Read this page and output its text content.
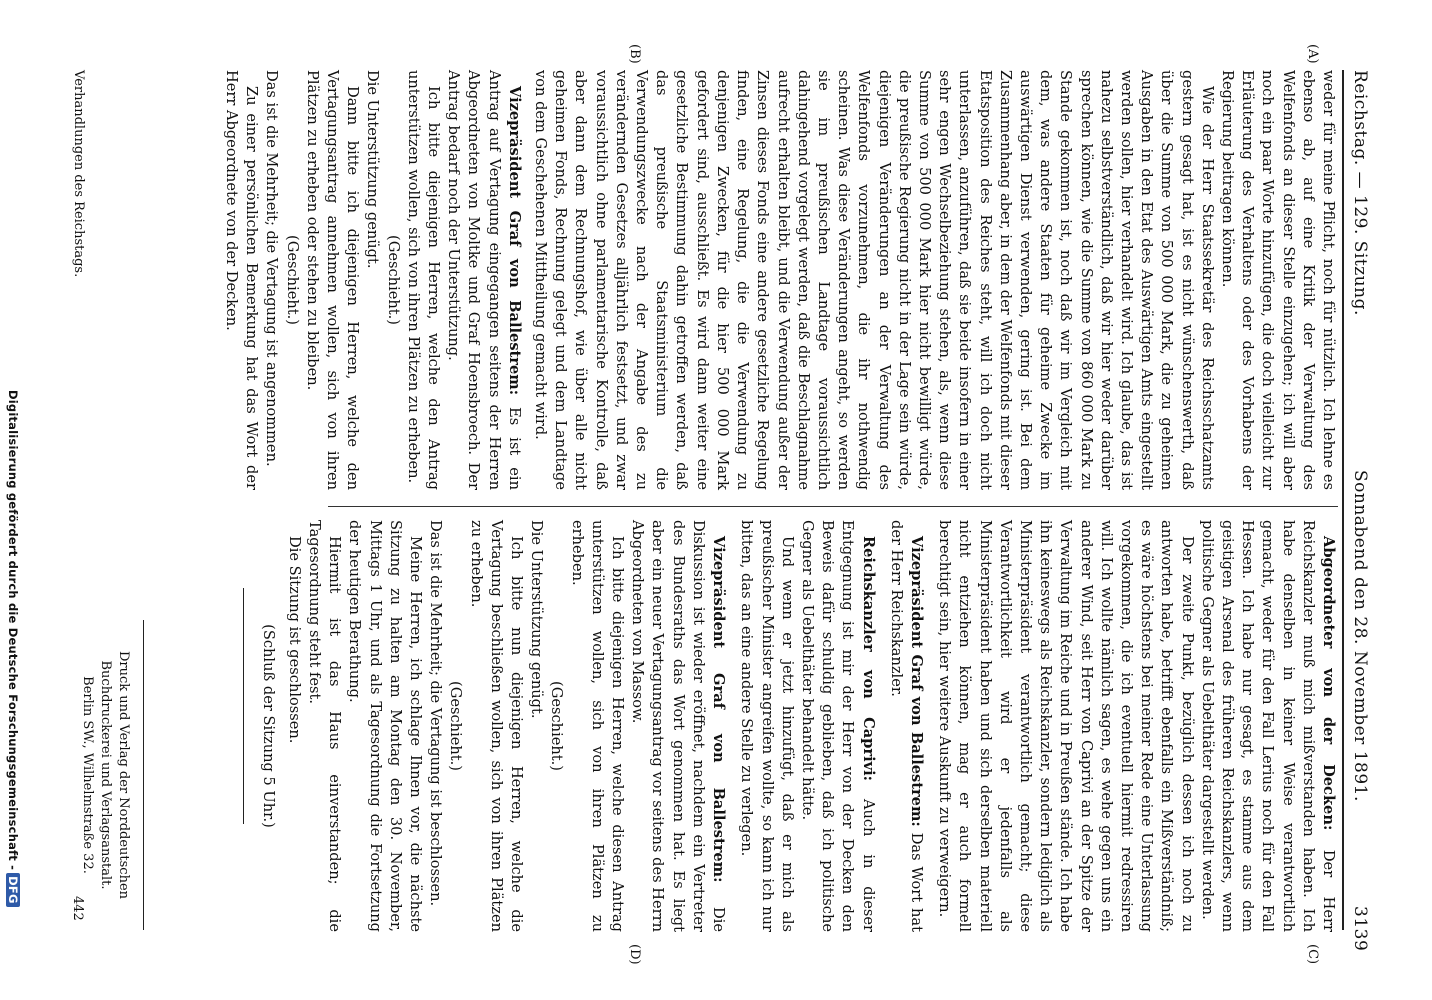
Reichstag. — 129. Sitzung.
Sonnabend den 28. November 1891.
3139
(A)
(B)
(C)
(D)

weder für meine Pflicht, noch für nützlich. Ich lehne es ebenso ab, auf eine Kritik der Verwaltung des Welfenfonds an dieser Stelle einzugehen; ich will aber noch ein paar Worte hinzufügen, die doch vielleicht zur Erläuterung des Verhaltens oder des Vorhabens der Regierung beitragen können.

Wie der Herr Staatssekretär des Reichsschatzamts gestern gesagt hat, ist es nicht wünschenswerth, daß über die Summe von 500 000 Mark, die zu geheimen Ausgaben in den Etat des Auswärtigen Amts eingestellt werden sollen, hier verhandelt wird. Ich glaube, das ist nahezu selbstverständlich, daß wir hier weder darüber sprechen können, wie die Summe von 860 000 Mark zu Stande gekommen ist, noch daß wir im Vergleich mit dem, was andere Staaten für geheime Zwecke im auswärtigen Dienst verwenden, gering ist. Bei dem Zusammenhang aber, in dem der Welfenfonds mit dieser Etatsposition des Reiches steht, will ich doch nicht unterlassen, anzuführen, daß sie beide insofern in einer sehr engen Wechselbeziehung stehen, als, wenn diese Summe von 500 000 Mark hier nicht bewilligt würde, die preußische Regierung nicht in der Lage sein würde, diejenigen Veränderungen an der Verwaltung des Welfenfonds vorzunehmen, die ihr nothwendig scheinen. Was diese Veränderungen angeht, so werden sie im preußischen Landtage voraussichtlich dahingehend vorgelegt werden, daß die Beschlagnahme aufrecht erhalten bleibt, und die Verwendung außer der Zinsen dieses Fonds eine andere gesetzliche Regelung finden, eine Regelung, die die Verwendung zu denjenigen Zwecken, für die hier 500 000 Mark gefordert sind, ausschließt. Es wird dann weiter eine gesetzliche Bestimmung dahin getroffen werden, daß das preußische Staatsministerium die Verwendungszwecke nach der Angabe des zu verändernden Gesetzes alljährlich festsetzt, und zwar voraussichtlich ohne parlamentarische Kontrolle, daß aber dann dem Rechnungshof, wie über alle nicht geheimen Fonds, Rechnung gelegt und dem Landtage von dem Geschehenen Mittheilung gemacht wird.

Vizepräsident Graf von Ballestrem: Es ist ein Antrag auf Vertagung eingegangen seitens der Herren Abgeordneten von Moltke und Graf Hoensbroech. Der Antrag bedarf noch der Unterstützung.

Ich bitte diejenigen Herren, welche den Antrag unterstützen wollen, sich von ihren Plätzen zu erheben.

(Geschieht.)

Die Unterstützung genügt.

Dann bitte ich diejenigen Herren, welche den Vertagungsantrag annehmen wollen, sich von ihren Plätzen zu erheben oder stehen zu bleiben.

(Geschieht.)

Das ist die Mehrheit; die Vertagung ist angenommen.

Zu einer persönlichen Bemerkung hat das Wort der Herr Abgeordnete von der Decken.

Abgeordneter von der Decken: Der Herr Reichskanzler muß mich mißverstanden haben. Ich habe denselben in keiner Weise verantwortlich gemacht, weder für den Fall Lerius noch für den Fall Hessen. Ich habe nur gesagt, es stamme aus dem geistigen Arsenal des früheren Reichskanzlers, wenn politische Gegner als Uebelthäter dargestellt werden.

Der zweite Punkt, bezüglich dessen ich noch zu antworten habe, betrifft ebenfalls ein Mißverständniß; es wäre höchstens bei meiner Rede eine Unterlassung vorgekommen, die ich eventuell hiermit redressiren will. Ich wollte nämlich sagen, es wehe gegen uns ein anderer Wind, seit Herr von Caprivi an der Spitze der Verwaltung im Reiche und in Preußen stände. Ich habe ihn keineswegs als Reichskanzler, sondern lediglich als Ministerpräsident verantwortlich gemacht; diese Verantwortlichkeit wird er jedenfalls als Ministerpräsident haben und sich derselben materiell nicht entziehen können, mag er auch formell berechtigt sein, hier weitere Auskunft zu verweigern.

Vizepräsident Graf von Ballestrem: Das Wort hat der Herr Reichskanzler.

Reichskanzler von Caprivi: Auch in dieser Entgegnung ist mir der Herr von der Decken den Beweis dafür schuldig geblieben, daß ich politische Gegner als Uebelthäter behandelt hätte.

Und wenn er jetzt hinzufügt, daß er mich als preußischer Minister angreifen wollte, so kann ich nur bitten, das an eine andere Stelle zu verlegen.

Vizepräsident Graf von Ballestrem: Die Diskussion ist wieder eröffnet, nachdem ein Vertreter des Bundesraths das Wort genommen hat. Es liegt aber ein neuer Vertagungsantrag vor seitens des Herrn Abgeordneten von Massow.

Ich bitte diejenigen Herren, welche diesen Antrag unterstützen wollen, sich von ihren Plätzen zu erheben.

(Geschieht.)

Die Unterstützung genügt.

Ich bitte nun diejenigen Herren, welche die Vertagung beschließen wollen, sich von ihren Plätzen zu erheben.

(Geschieht.)

Das ist die Mehrheit; die Vertagung ist beschlossen.

Meine Herren, ich schlage Ihnen vor, die nächste Sitzung zu halten am Montag den 30. November, Mittags 1 Uhr, und als Tagesordnung die Fortsetzung der heutigen Berathung.

Hiermit ist das Haus einverstanden; die Tagesordnung steht fest.

Die Sitzung ist geschlossen.

(Schluß der Sitzung 5 Uhr.)

Verhandlungen des Reichstags.
Druck und Verlag der Norddeutschen Buchdruckerei und Verlagsanstalt.
Berlin SW., Wilhelmstraße 32.
442
Digitalisierung gefördert durch die Deutsche Forschungsgemeinschaft -DFG
